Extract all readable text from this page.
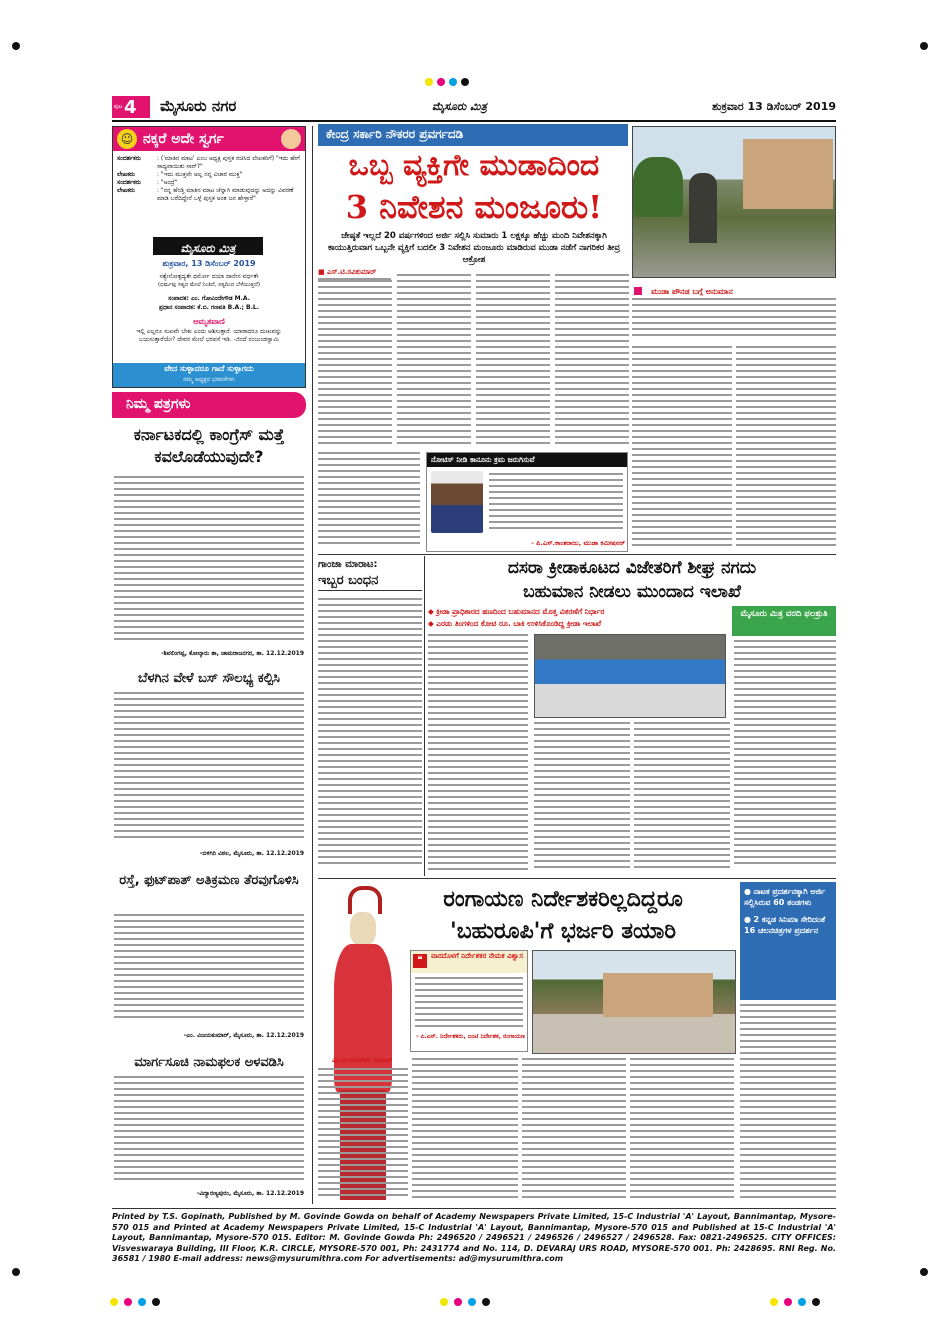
ಪುಟ 4 ಮೈಸೂರು ನಗರ	ಮೈಸೂರು ಮಿತ್ರ	ಶುಕ್ರವಾರ 13 ಡಿಸೆಂಬರ್ 2019
☺ ನಕ್ಕರೆ ಅದೇ ಸ್ವರ್ಗ
ಸಂದರ್ಶಕರು	: ('ಮಾತಿನ ಮಾಟ' ಎಂಬ ಅಧ್ಯಕ್ಷ ಪುಸ್ತಕ ರಚಿಸಿದ ಲೇಖಕರಿಗೆ) "ಇದು ಹೇಗೆ ಸಾಧ್ಯವಾಯಿತು ಸಾರ್?"
ಲೇಖಕರು	: "ಇದು ಮುಕ್ತವೇ ಅಲ್ಲ ನನ್ನ ವಿಚಾರ ಮುಕ್ತ"
ಸಂದರ್ಶಕರು	: "ಅಂದ್ರೆ"
ಲೇಖಕರು	: "ನನ್ನ ಹೆಂಡ್ತಿ ಮಾತಿನ ಮಾಟ ಚೆನ್ನಾಗಿ ಮಾಡುವುದನ್ನು ಅದನ್ನು ವಿವರಣೆ ಮಾಡಿ ಬರೆದಿದ್ದೇನೆ ಒಳ್ಳೆ ಪುಸ್ತಕ ಅಂತ ಜನ ಹೇಳ್ತಾರೆ"
ಮೈಸೂರು ಮಿತ್ರ
ಶುಕ್ರವಾರ, 13 ಡಿಸೆಂಬರ್ 2019
ಸತ್ಯೇನೋತ್ಪದ್ಯತೇ ಧರ್ಮೋ ದಯಾ ದಾನೇನ ವರ್ಧತೇ
(ಧರ್ಮವು ಸತ್ಯದ ಮೇಲೆ ನಿಂತಿದೆ, ಸತ್ಯದಿಂದ ಬೆಳೆಯುತ್ತದೆ)
ಸಂಪಾದಕ: ಎಂ. ಗೋವಿಂದೇಗೌಡ M.A.
ಪ್ರಧಾನ ಸಂಪಾದಕ: ಕೆ.ಬಿ. ಗಣಪತಿ B.A.; B.L.
ಅಮೃತವಾಣಿ
ಇಲ್ಲಿ ಎಲ್ಲರೂ ಸುಖವೇ ಬೇಕು ಎಂದು ಆಶಿಸುತ್ತಾರೆ. ಯಾರಾದರೂ ದುಃಖವನ್ನು ಬಯಸುತ್ತಾರೆಯೇ? ದೇವರ ಮೇಲೆ ಭರವಸೆ ಇಡಿ. -ಜಿಂದೆ ನಂಜುಂಡಸ್ವಾಮಿ
ವೇದ ಸುಳ್ಳಾದರೂ ಗಾದೆ ಸುಳ್ಳಾಗದು
ನಮ್ಮ ಅಧ್ಯಕ್ಷರ ಭರವಸೆಗಳು
ನಿಮ್ಮ ಪತ್ರಗಳು
ಕರ್ನಾಟಕದಲ್ಲಿ ಕಾಂಗ್ರೆಸ್ ಮತ್ತೆ ಕವಲೊಡೆಯುವುದೇ?
-ಶಿವಲಿಂಗಪ್ಪ, ಕೋಲ್ಕಾರು ತಾ, ಚಾಮರಾಜನಗರ, ತಾ. 12.12.2019
ಬೆಳಗಿನ ವೇಳೆ ಬಸ್ ಸೌಲಭ್ಯ ಕಲ್ಪಿಸಿ
-ಬಿಳಿಗಿರಿ ವಿಠಲ, ಮೈಸೂರು, ತಾ. 12.12.2019
ರಸ್ತೆ, ಫುಟ್‌ಪಾತ್ ಅತಿಕ್ರಮಣ ತೆರವುಗೊಳಿಸಿ
-ಎಂ. ವಿಜಯಕುಮಾರ್, ಮೈಸೂರು, ತಾ. 12.12.2019
ಮಾರ್ಗಸೂಚಿ ನಾಮಫಲಕ ಅಳವಡಿಸಿ
-ವಿದ್ಯಾರಣ್ಯಪುರಂ, ಮೈಸೂರು, ತಾ. 12.12.2019
ಕೇಂದ್ರ ಸರ್ಕಾರಿ ನೌಕರರ ಪ್ರವರ್ಗದಡಿ
ಒಬ್ಬ ವ್ಯಕ್ತಿಗೇ ಮುಡಾದಿಂದ
3 ನಿವೇಶನ ಮಂಜೂರು!
ಜೇಷ್ಠತೆ ಇಲ್ಲದೆ 20 ವರ್ಷಗಳಿಂದ ಅರ್ಜಿ ಸಲ್ಲಿಸಿ ಸುಮಾರು 1 ಲಕ್ಷಕ್ಕೂ ಹೆಚ್ಚು ಮಂದಿ ನಿವೇಶನಕ್ಕಾಗಿ ಕಾಯುತ್ತಿರುವಾಗ ಒಬ್ಬನೇ ವ್ಯಕ್ತಿಗೆ ಬದಲೀ 3 ನಿವೇಶನ ಮಂಜೂರು ಮಾಡಿರುವ ಮುಡಾ ನಡೆಗೆ ನಾಗರಿಕರ ತೀವ್ರ ಆಕ್ರೋಶ
■ ಎಸ್.ಟಿ.ರವಿಕುಮಾರ್
ಮುಡಾ ಪೌನಡ ಬಗ್ಗೆ ಅನುಮಾನ
ನೋಟಿಸ್ ನೀಡಿ ಕಾನೂನು ಕ್ರಮ ಜರುಗಿಸುವೆ
- ಪಿ.ಎಸ್.ಕಾಂತರಾಜು, ಮುಡಾ ಕಮೀಷನರ್
ಗಾಂಜಾ ಮಾರಾಟ:
ಇಬ್ಬರ ಬಂಧನ
ದಸರಾ ಕ್ರೀಡಾಕೂಟದ ವಿಜೇತರಿಗೆ ಶೀಘ್ರ ನಗದು
ಬಹುಮಾನ ನೀಡಲು ಮುಂದಾದ ಇಲಾಖೆ
◆ ಕ್ರೀಡಾ ಪ್ರಾಧಿಕಾರದ ಹಣದಿಂದ ಬಹುಮಾನದ ಮೊತ್ತ ವಿತರಣೆಗೆ ನಿರ್ಧಾರ
◆ ಎರಡು ತಿಂಗಳಿಂದ ಕೋಟಿ ರೂ. ಬಾಕಿ ಉಳಿಸಿಕೊಂಡಿದ್ದ ಕ್ರೀಡಾ ಇಲಾಖೆ
ಮೈಸೂರು ಮಿತ್ರ ವರದಿ ಫಲಶ್ರುತಿ
ರಂಗಾಯಣ ನಿರ್ದೇಶಕರಿಲ್ಲದಿದ್ದರೂ
'ಬಹುರೂಪಿ'ಗೆ ಭರ್ಜರಿ ತಯಾರಿ
● ನಾಟಕ ಪ್ರದರ್ಶನಕ್ಕಾಗಿ ಅರ್ಜಿ ಸಲ್ಲಿಸಿರುವ 60 ತಂಡಗಳು
● 2 ಕನ್ನಡ ಸಿನಿಮಾ ಸೇರಿದಂತೆ 16 ಚಲನಚಿತ್ರಗಳ ಪ್ರದರ್ಶನ
❝	ವಾರದೊಳಗೆ ನಿರ್ದೇಶಕರ ನೇಮಕ ವಿಶ್ವಾಸ
- ಪಿ.ಎಸ್. ನಿರ್ದೇಶಕರು, ಜಂಟಿ ನಿರ್ದೇಶಕ, ರಂಗಾಯಣ
ಎಂ.ಟಿ.ಯೋಗೇಶ್ ಕುಮಾರ್
Printed by T.S. Gopinath, Published by M. Govinde Gowda on behalf of Academy Newspapers Private Limited, 15-C Industrial 'A' Layout, Bannimantap, Mysore-570 015 and Printed at Academy Newspapers Private Limited, 15-C Industrial 'A' Layout, Bannimantap, Mysore-570 015 and Published at 15-C Industrial 'A' Layout, Bannimantap, Mysore-570 015. Editor: M. Govinde Gowda Ph: 2496520 / 2496521 / 2496526 / 2496527 / 2496528. Fax: 0821-2496525. CITY OFFICES: Visveswaraya Building, III Floor, K.R. CIRCLE, MYSORE-570 001, Ph: 2431774 and No. 114, D. DEVARAJ URS ROAD, MYSORE-570 001. Ph: 2428695. RNI Reg. No. 36581 / 1980 E-mail address: news@mysurumithra.com For advertisements: ad@mysurumithra.com
